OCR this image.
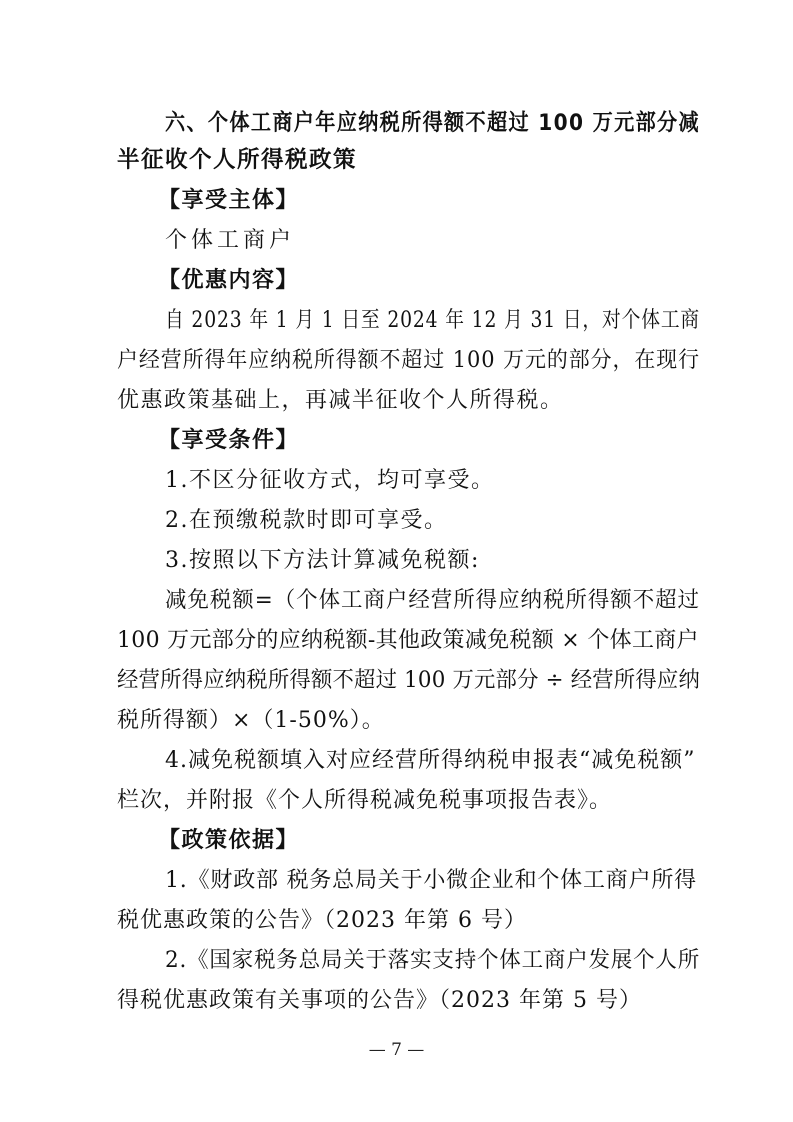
六、个体工商户年应纳税所得额不超过 100 万元部分减

半征收个人所得税政策

【享受主体】

个体工商户

【优惠内容】

自 2023 年 1 月 1 日至 2024 年 12 月 31 日，对个体工商

户经营所得年应纳税所得额不超过 100 万元的部分，在现行

优惠政策基础上，再减半征收个人所得税。

【享受条件】

1.不区分征收方式，均可享受。

2.在预缴税款时即可享受。

3.按照以下方法计算减免税额:

减免税额=（个体工商户经营所得应纳税所得额不超过

100 万元部分的应纳税额-其他政策减免税额 × 个体工商户

经营所得应纳税所得额不超过 100 万元部分 ÷ 经营所得应纳

税所得额）×（1-50%）。

4.减免税额填入对应经营所得纳税申报表“减免税额”

栏次，并附报《个人所得税减免税事项报告表》。

【政策依据】

1.《财政部 税务总局关于小微企业和个体工商户所得

税优惠政策的公告》（2023 年第 6 号）

2.《国家税务总局关于落实支持个体工商户发展个人所

得税优惠政策有关事项的公告》（2023 年第 5 号）

— 7 —
